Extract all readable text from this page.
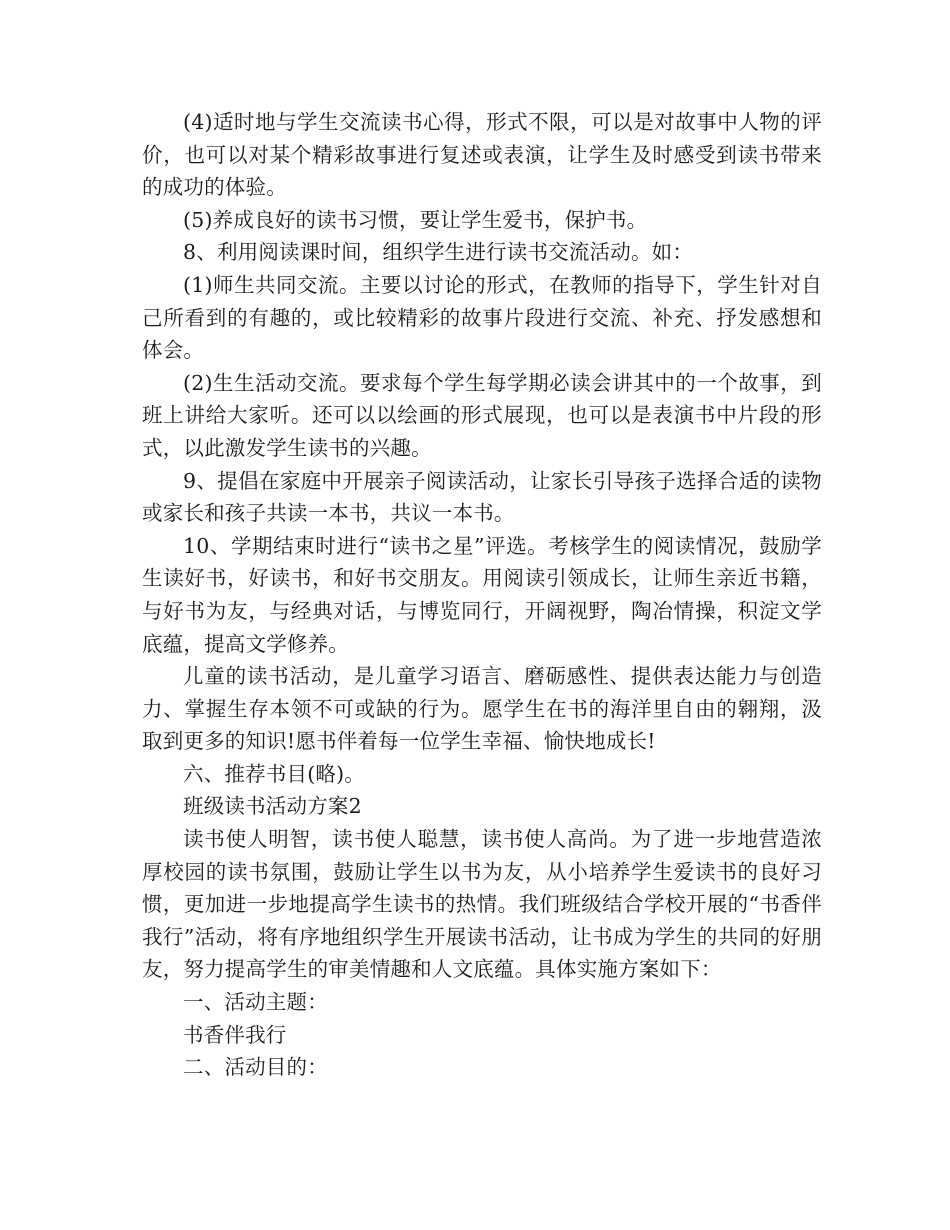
(4)适时地与学生交流读书心得，形式不限，可以是对故事中人物的评价，也可以对某个精彩故事进行复述或表演，让学生及时感受到读书带来的成功的体验。

(5)养成良好的读书习惯，要让学生爱书，保护书。

8、利用阅读课时间，组织学生进行读书交流活动。如：

(1)师生共同交流。主要以讨论的形式，在教师的指导下，学生针对自己所看到的有趣的，或比较精彩的故事片段进行交流、补充、抒发感想和体会。

(2)生生活动交流。要求每个学生每学期必读会讲其中的一个故事，到班上讲给大家听。还可以以绘画的形式展现，也可以是表演书中片段的形式，以此激发学生读书的兴趣。

9、提倡在家庭中开展亲子阅读活动，让家长引导孩子选择合适的读物或家长和孩子共读一本书，共议一本书。

10、学期结束时进行“读书之星”评选。考核学生的阅读情况，鼓励学生读好书，好读书，和好书交朋友。用阅读引领成长，让师生亲近书籍，与好书为友，与经典对话，与博览同行，开阔视野，陶冶情操，积淀文学底蕴，提高文学修养。

儿童的读书活动，是儿童学习语言、磨砺感性、提供表达能力与创造力、掌握生存本领不可或缺的行为。愿学生在书的海洋里自由的翱翔，汲取到更多的知识!愿书伴着每一位学生幸福、愉快地成长!

六、推荐书目(略)。

班级读书活动方案2

读书使人明智，读书使人聪慧，读书使人高尚。为了进一步地营造浓厚校园的读书氛围，鼓励让学生以书为友，从小培养学生爱读书的良好习惯，更加进一步地提高学生读书的热情。我们班级结合学校开展的“书香伴我行”活动，将有序地组织学生开展读书活动，让书成为学生的共同的好朋友，努力提高学生的审美情趣和人文底蕴。具体实施方案如下：

一、活动主题：

书香伴我行

二、活动目的：
